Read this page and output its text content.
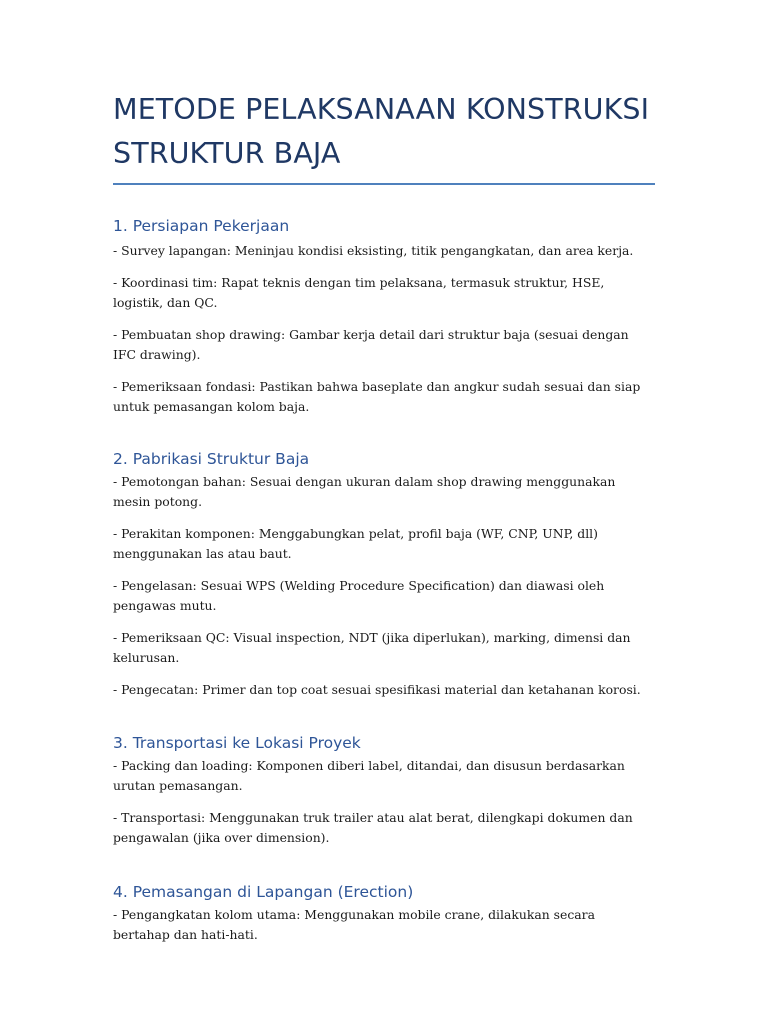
METODE PELAKSANAAN KONSTRUKSI STRUKTUR BAJA
1. Persiapan Pekerjaan

- Survey lapangan: Meninjau kondisi eksisting, titik pengangkatan, dan area kerja.

- Koordinasi tim: Rapat teknis dengan tim pelaksana, termasuk struktur, HSE, logistik, dan QC.

- Pembuatan shop drawing: Gambar kerja detail dari struktur baja (sesuai dengan IFC drawing).

- Pemeriksaan fondasi: Pastikan bahwa baseplate dan angkur sudah sesuai dan siap untuk pemasangan kolom baja.

2. Pabrikasi Struktur Baja

- Pemotongan bahan: Sesuai dengan ukuran dalam shop drawing menggunakan mesin potong.

- Perakitan komponen: Menggabungkan pelat, profil baja (WF, CNP, UNP, dll) menggunakan las atau baut.

- Pengelasan: Sesuai WPS (Welding Procedure Specification) dan diawasi oleh pengawas mutu.

- Pemeriksaan QC: Visual inspection, NDT (jika diperlukan), marking, dimensi dan kelurusan.

- Pengecatan: Primer dan top coat sesuai spesifikasi material dan ketahanan korosi.

3. Transportasi ke Lokasi Proyek

- Packing dan loading: Komponen diberi label, ditandai, dan disusun berdasarkan urutan pemasangan.

- Transportasi: Menggunakan truk trailer atau alat berat, dilengkapi dokumen dan pengawalan (jika over dimension).

4. Pemasangan di Lapangan (Erection)

- Pengangkatan kolom utama: Menggunakan mobile crane, dilakukan secara bertahap dan hati-hati.
